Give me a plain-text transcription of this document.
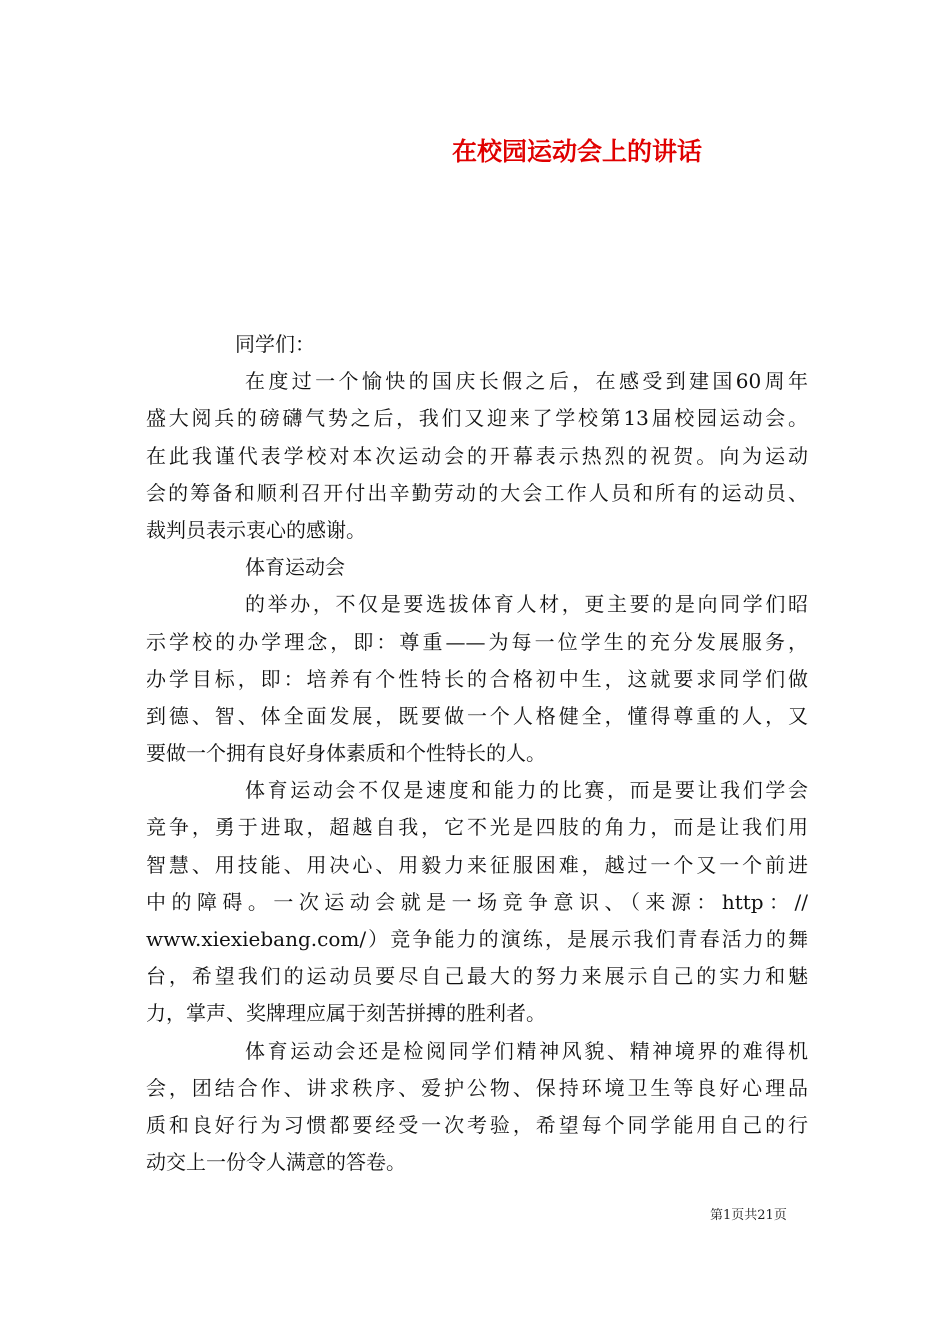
在校园运动会上的讲话
同学们：
在度过一个愉快的国庆长假之后，在感受到建国60周年
盛大阅兵的磅礴气势之后，我们又迎来了学校第13届校园运动会。
在此我谨代表学校对本次运动会的开幕表示热烈的祝贺。向为运动
会的筹备和顺利召开付出辛勤劳动的大会工作人员和所有的运动员、
裁判员表示衷心的感谢。
体育运动会
的举办，不仅是要选拔体育人材，更主要的是向同学们昭
示学校的办学理念，即：尊重——为每一位学生的充分发展服务，
办学目标，即：培养有个性特长的合格初中生，这就要求同学们做
到德、智、体全面发展，既要做一个人格健全，懂得尊重的人，又
要做一个拥有良好身体素质和个性特长的人。
体育运动会不仅是速度和能力的比赛，而是要让我们学会
竞争，勇于进取，超越自我，它不光是四肢的角力，而是让我们用
智慧、用技能、用决心、用毅力来征服困难，越过一个又一个前进
中的障碍。一次运动会就是一场竞争意识、（来源：http：//
www.xiexiebang.com/）竞争能力的演练，是展示我们青春活力的舞
台，希望我们的运动员要尽自己最大的努力来展示自己的实力和魅
力，掌声、奖牌理应属于刻苦拼搏的胜利者。
体育运动会还是检阅同学们精神风貌、精神境界的难得机
会，团结合作、讲求秩序、爱护公物、保持环境卫生等良好心理品
质和良好行为习惯都要经受一次考验，希望每个同学能用自己的行
动交上一份令人满意的答卷。
第1页共21页
